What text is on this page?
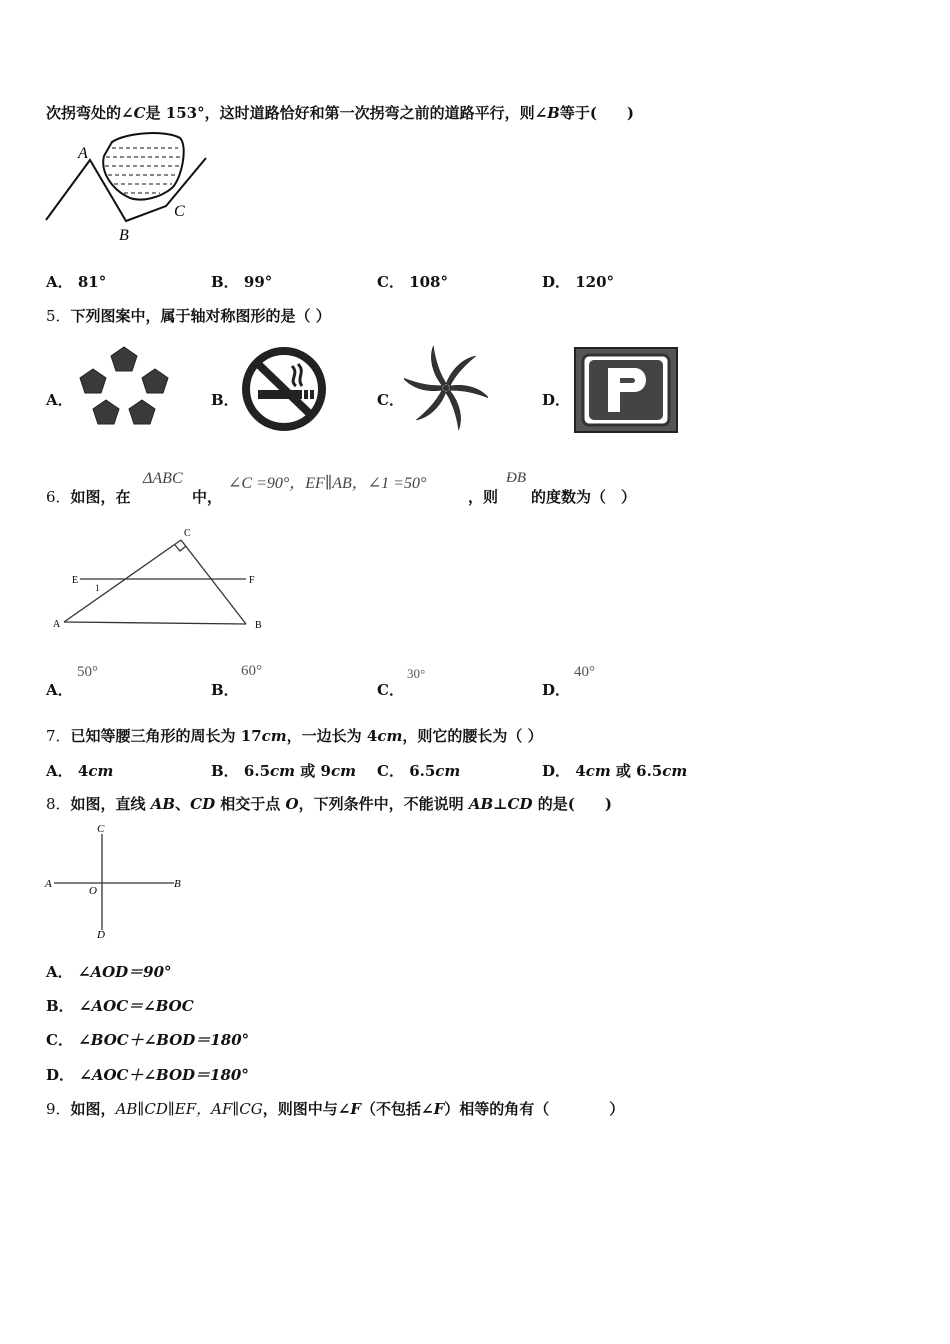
次拐弯处的∠C是 153°，这时道路恰好和第一次拐弯之前的道路平行，则∠B等于(　　)
A
B
C
A． 81°	B． 99°	C． 108°	D． 120°
5．下列图案中，属于轴对称图形的是（ ）
A．	B．	C．	D．
6．如图，在
ΔABC
中，
∠C =90°，EF∥AB，∠1 =50°
，则
ÐB
的度数为（　）
C
E	F
1
A	B
A．
50°
B．
60°
C．
30°
D．
40°
7．已知等腰三角形的周长为 17cm，一边长为 4cm，则它的腰长为（ ）
A． 4cm	B． 6.5cm 或 9cm C． 6.5cm	D． 4cm 或 6.5cm
8．如图，直线 AB、CD 相交于点 O，下列条件中，不能说明 AB⊥CD 的是(　　)
C
A
O
B
D
A． ∠AOD＝90°
B． ∠AOC＝∠BOC
C． ∠BOC＋∠BOD＝180°
D． ∠AOC＋∠BOD＝180°
9．如图，AB∥CD∥EF，AF∥CG，则图中与∠F（不包括∠F）相等的角有（　　　　）
